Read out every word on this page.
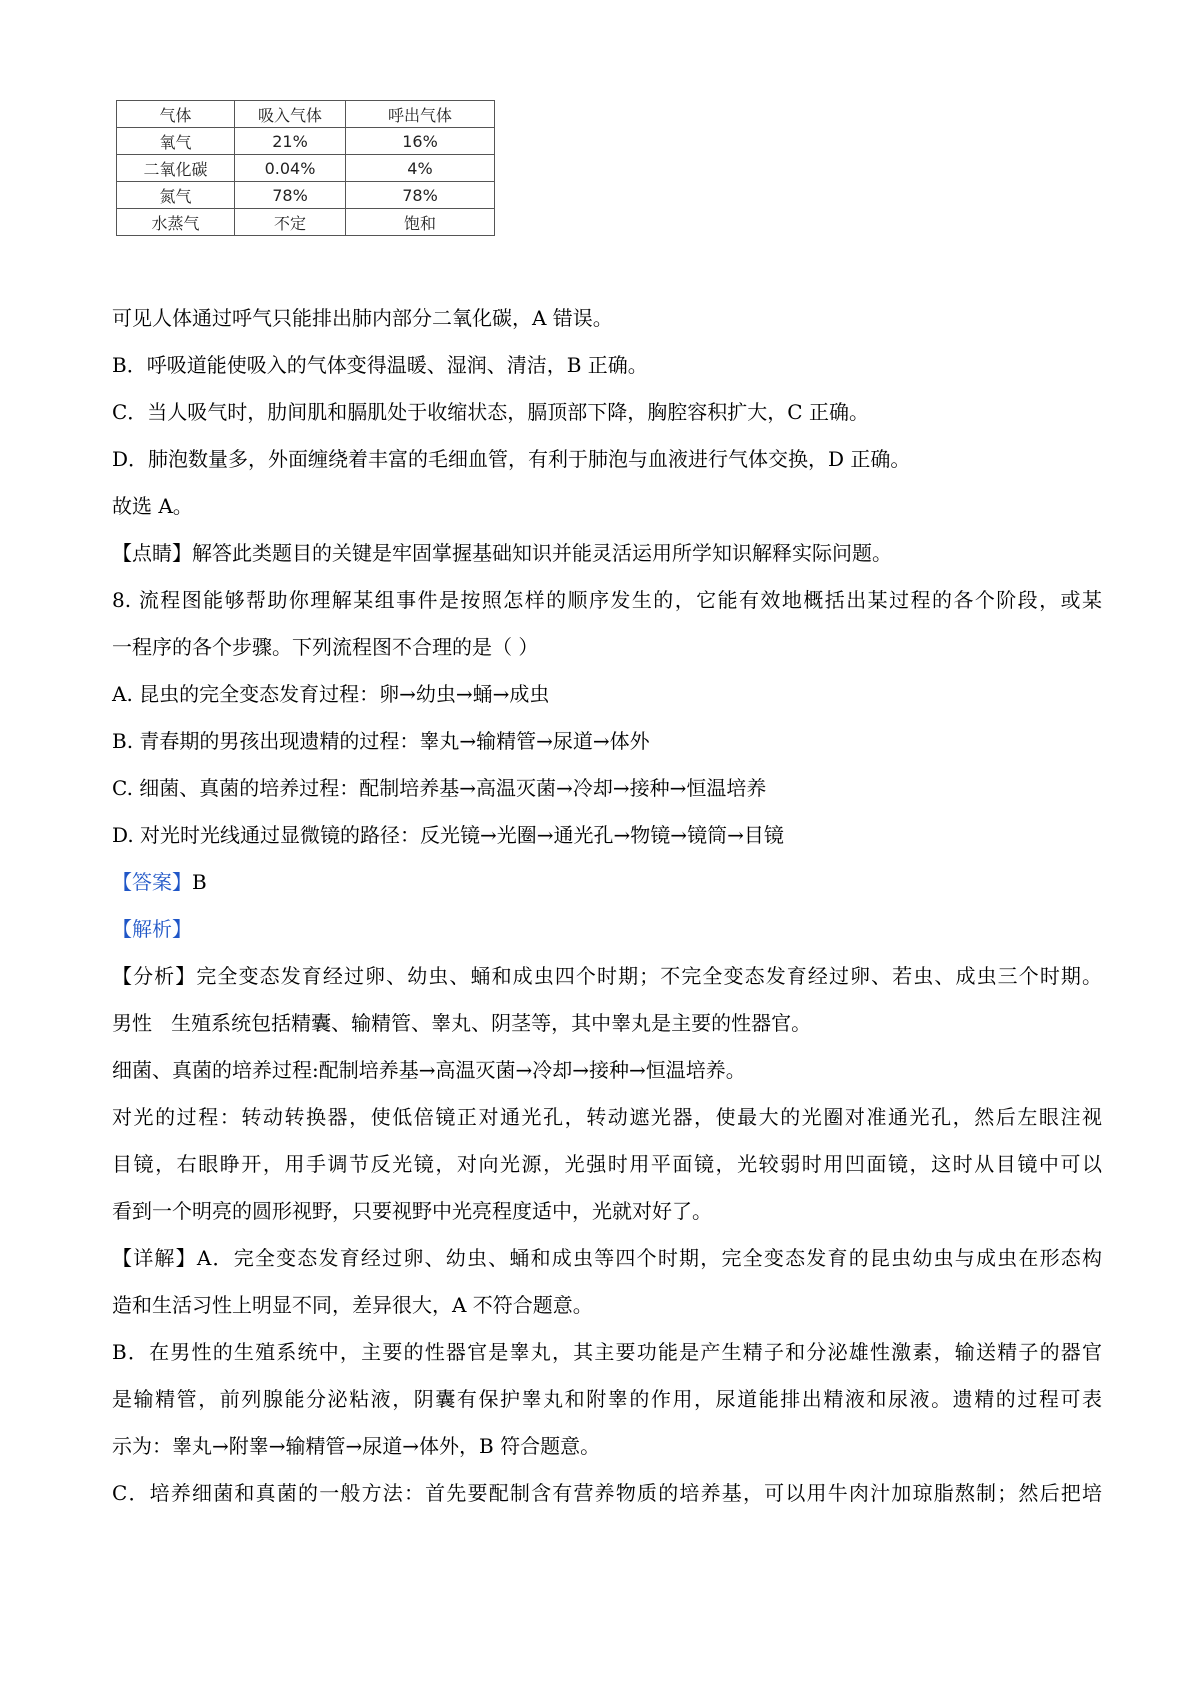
气体	吸入气体	呼出气体
氧气	21%	16%
二氧化碳	0.04%	4%
氮气	78%	78%
水蒸气	不定	饱和
可见人体通过呼气只能排出肺内部分二氧化碳，A 错误。
B．呼吸道能使吸入的气体变得温暖、湿润、清洁，B 正确。
C．当人吸气时，肋间肌和膈肌处于收缩状态，膈顶部下降，胸腔容积扩大，C 正确。
D．肺泡数量多，外面缠绕着丰富的毛细血管，有利于肺泡与血液进行气体交换，D 正确。
故选 A。
【点睛】解答此类题目的关键是牢固掌握基础知识并能灵活运用所学知识解释实际问题。
8. 流程图能够帮助你理解某组事件是按照怎样的顺序发生的，它能有效地概括出某过程的各个阶段，或某
一程序的各个步骤。下列流程图不合理的是（ ）
A. 昆虫的完全变态发育过程：卵→幼虫→蛹→成虫
B. 青春期的男孩出现遗精的过程：睾丸→输精管→尿道→体外
C. 细菌、真菌的培养过程：配制培养基→高温灭菌→冷却→接种→恒温培养
D. 对光时光线通过显微镜的路径：反光镜→光圈→通光孔→物镜→镜筒→目镜
【答案】B
【解析】
【分析】完全变态发育经过卵、幼虫、蛹和成虫四个时期；不完全变态发育经过卵、若虫、成虫三个时期。
男性   生殖系统包括精囊、输精管、睾丸、阴茎等，其中睾丸是主要的性器官。
细菌、真菌的培养过程:配制培养基→高温灭菌→冷却→接种→恒温培养。
对光的过程：转动转换器，使低倍镜正对通光孔，转动遮光器，使最大的光圈对准通光孔，然后左眼注视
目镜，右眼睁开，用手调节反光镜，对向光源，光强时用平面镜，光较弱时用凹面镜，这时从目镜中可以
看到一个明亮的圆形视野，只要视野中光亮程度适中，光就对好了。
【详解】A．完全变态发育经过卵、幼虫、蛹和成虫等四个时期，完全变态发育的昆虫幼虫与成虫在形态构
造和生活习性上明显不同，差异很大，A 不符合题意。
B．在男性的生殖系统中，主要的性器官是睾丸，其主要功能是产生精子和分泌雄性激素，输送精子的器官
是输精管，前列腺能分泌粘液，阴囊有保护睾丸和附睾的作用，尿道能排出精液和尿液。遗精的过程可表
示为：睾丸→附睾→输精管→尿道→体外，B 符合题意。
C．培养细菌和真菌的一般方法：首先要配制含有营养物质的培养基，可以用牛肉汁加琼脂熬制；然后把培
